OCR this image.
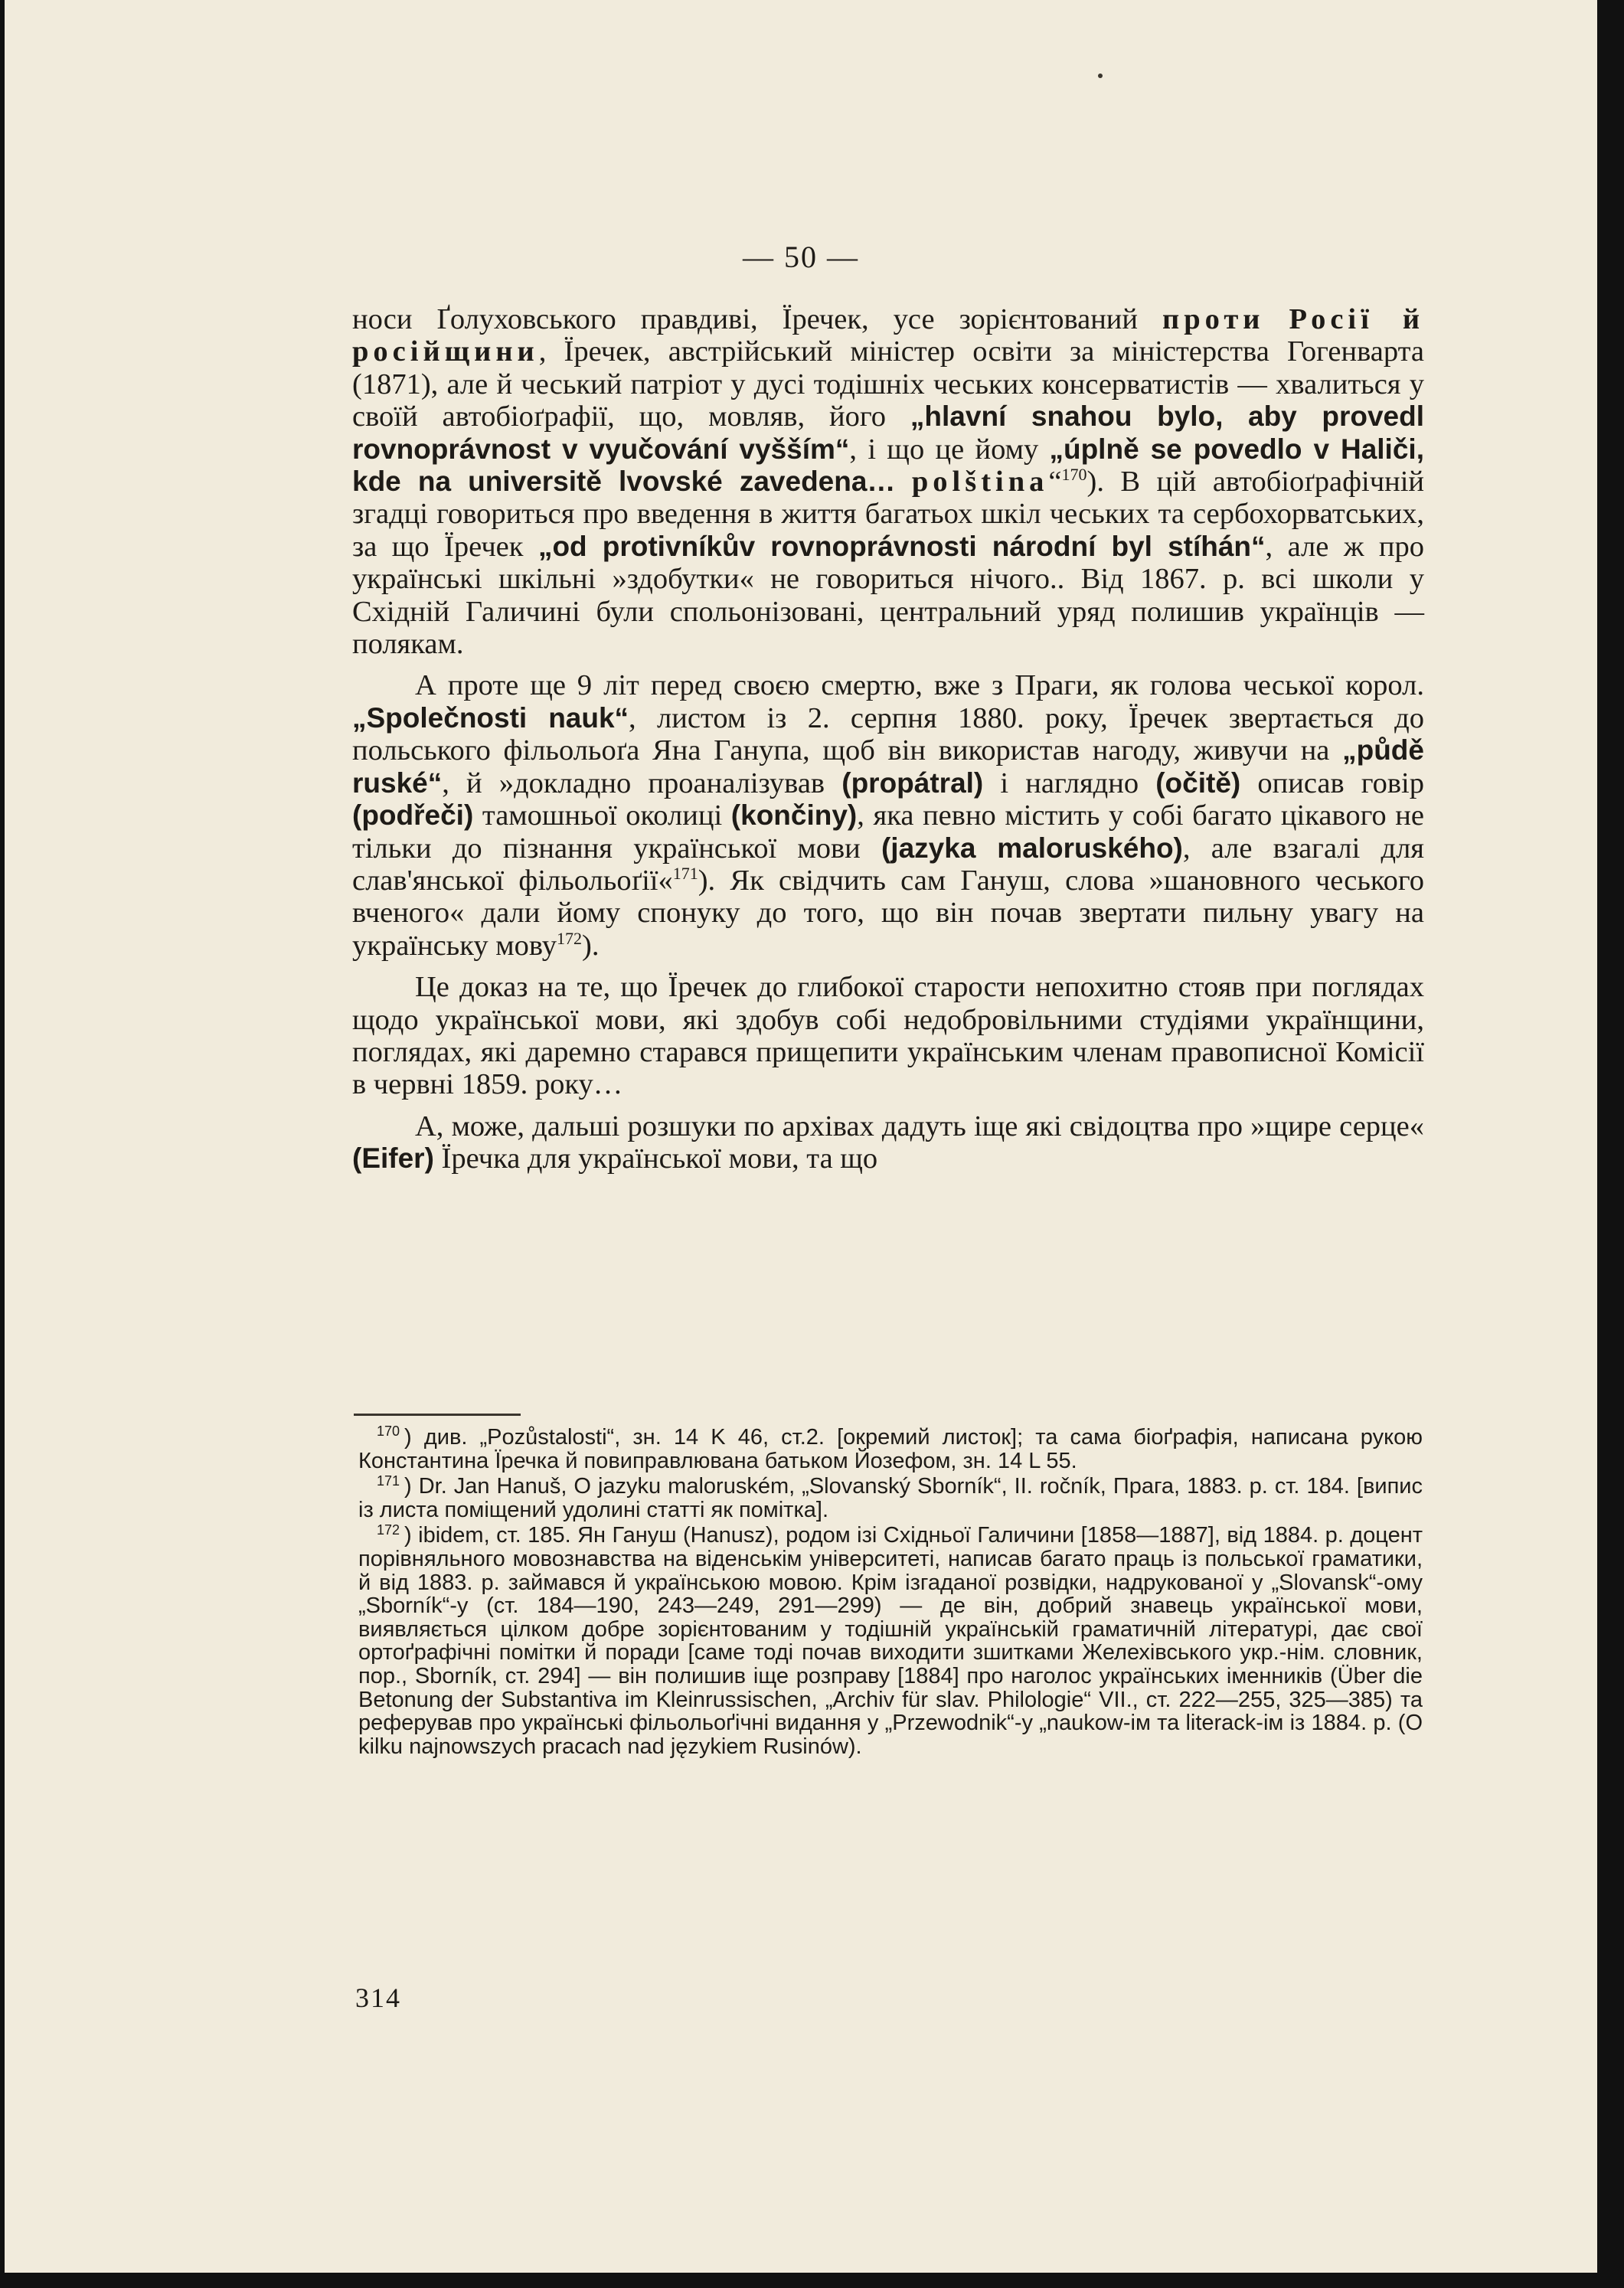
— 50 —

носи Ґолуховського правдиві, Їречек, усе зорієнтований проти Росії й російщини, Їречек, австрійський міністер освіти за міністерства Гогенварта (1871), але й чеський патріот у дусі тодішніх чеських консерватистів — хвалиться у своїй автобіоґрафії, що, мовляв, його „hlavní snahou bylo, aby provedl rovnoprávnost v vyučování vyšším“, і що це йому „úplně se povedlo v Haliči, kde na universitě lvovské zavedena… polština“$^{170}$). В цій автобіоґрафічній згадці говориться про введення в життя багатьох шкіл чеських та сербохорватських, за що Їречек „od protivníkův rovnoprávnosti národní byl stíhán“, але ж про українські шкільні »здобутки« не говориться нічого.. Від 1867. р. всі школи у Східній Галичині були спольонізовані, центральний уряд полишив українців — полякам.

А проте ще 9 літ перед своєю смертю, вже з Праги, як голова чеської корол. „Společnosti nauk“, листом із 2. серпня 1880. року, Їречек звертається до польського фільольоґа Яна Ганупа, щоб він використав нагоду, живучи на „půdě ruské“, й »докладно проаналізував (propátral) і наглядно (očitě) описав говір (podřeči) тамошньої околиці (končiny), яка певно містить у собі багато цікавого не тільки до пізнання української мови (jazyka maloruského), але взагалі для слав'янської фільольоґії«$^{171}$). Як свідчить сам Гануш, слова »шановного чеського вченого« дали йому спонуку до того, що він почав звертати пильну увагу на українську мову$^{172}$).

Це доказ на те, що Їречек до глибокої старости непохитно стояв при поглядах щодо української мови, які здобув собі недобровільними студіями українщини, поглядах, які даремно старався прищепити українським членам правописної Комісії в червні 1859. року…

А, може, дальші розшуки по архівах дадуть іще які свідоцтва про »щире серце« (Eifer) Їречка для української мови, та що

$^{170}$ ) див. „Pozůstalosti“, зн. 14 K 46, ст.2. [окремий листок]; та сама біоґрафія, написана рукою Константина Їречка й повиправлювана батьком Йозефом, зн. 14 L 55.

$^{171}$ ) Dr. Jan Hanuš, O jazyku maloruském, „Slovanský Sborník“, II. ročník, Прага, 1883. р. ст. 184. [випис із листа поміщений удолині статті як помітка].

$^{172}$ ) ibidem, ст. 185. Ян Гануш (Hanusz), родом ізі Східньої Галичини [1858—1887], від 1884. р. доцент порівняльного мовознавства на віденськім університеті, написав багато праць із польської граматики, й від 1883. р. займався й українською мовою. Крім ізгаданої розвідки, надрукованої у „Slovansk“-ому „Sborník“-у (ст. 184—190, 243—249, 291—299) — де він, добрий знавець української мови, виявляється цілком добре зорієнтованим у тодішній українській граматичній літературі, дає свої ортоґрафічні помітки й поради [саме тоді почав виходити зшитками Желехівського укр.-нім. словник, пор., Sborník, ст. 294] — він полишив іще розправу [1884] про наголос українських іменників (Über die Betonung der Substantiva im Kleinrussischen, „Archiv für slav. Philologie“ VII., ст. 222—255, 325—385) та реферував про українські фільольоґічні видання у „Przewodnik“-у „naukow-ім та literack-ім із 1884. р. (O kilku najnowszych pracach nad językiem Rusinów).

314
